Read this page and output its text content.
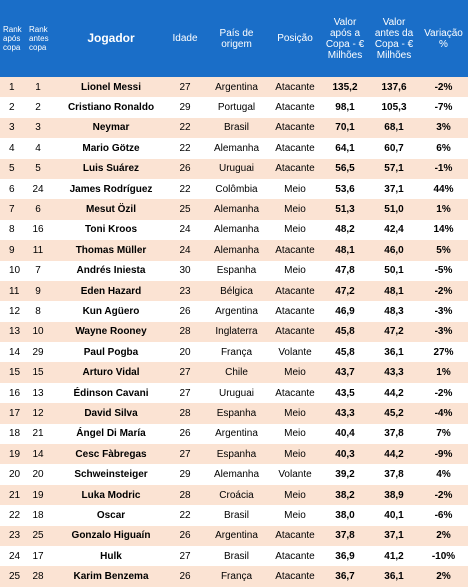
Rank após copa	Rank antes copa	Jogador	Idade	País de origem	Posição	Valor após a Copa - € Milhões	Valor antes da Copa - € Milhões	Variação %
1	1	Lionel Messi	27	Argentina	Atacante	135,2	137,6	-2%
2	2	Cristiano Ronaldo	29	Portugal	Atacante	98,1	105,3	-7%
3	3	Neymar	22	Brasil	Atacante	70,1	68,1	3%
4	4	Mario Götze	22	Alemanha	Atacante	64,1	60,7	6%
5	5	Luis Suárez	26	Uruguai	Atacante	56,5	57,1	-1%
6	24	James Rodríguez	22	Colômbia	Meio	53,6	37,1	44%
7	6	Mesut Özil	25	Alemanha	Meio	51,3	51,0	1%
8	16	Toni Kroos	24	Alemanha	Meio	48,2	42,4	14%
9	11	Thomas Müller	24	Alemanha	Atacante	48,1	46,0	5%
10	7	Andrés Iniesta	30	Espanha	Meio	47,8	50,1	-5%
11	9	Eden Hazard	23	Bélgica	Atacante	47,2	48,1	-2%
12	8	Kun Agüero	26	Argentina	Atacante	46,9	48,3	-3%
13	10	Wayne Rooney	28	Inglaterra	Atacante	45,8	47,2	-3%
14	29	Paul Pogba	20	França	Volante	45,8	36,1	27%
15	15	Arturo Vidal	27	Chile	Meio	43,7	43,3	1%
16	13	Édinson Cavani	27	Uruguai	Atacante	43,5	44,2	-2%
17	12	David Silva	28	Espanha	Meio	43,3	45,2	-4%
18	21	Ángel Di María	26	Argentina	Meio	40,4	37,8	7%
19	14	Cesc Fàbregas	27	Espanha	Meio	40,3	44,2	-9%
20	20	Schweinsteiger	29	Alemanha	Volante	39,2	37,8	4%
21	19	Luka Modric	28	Croácia	Meio	38,2	38,9	-2%
22	18	Oscar	22	Brasil	Meio	38,0	40,1	-6%
23	25	Gonzalo Higuaín	26	Argentina	Atacante	37,8	37,1	2%
24	17	Hulk	27	Brasil	Atacante	36,9	41,2	-10%
25	28	Karim Benzema	26	França	Atacante	36,7	36,1	2%
